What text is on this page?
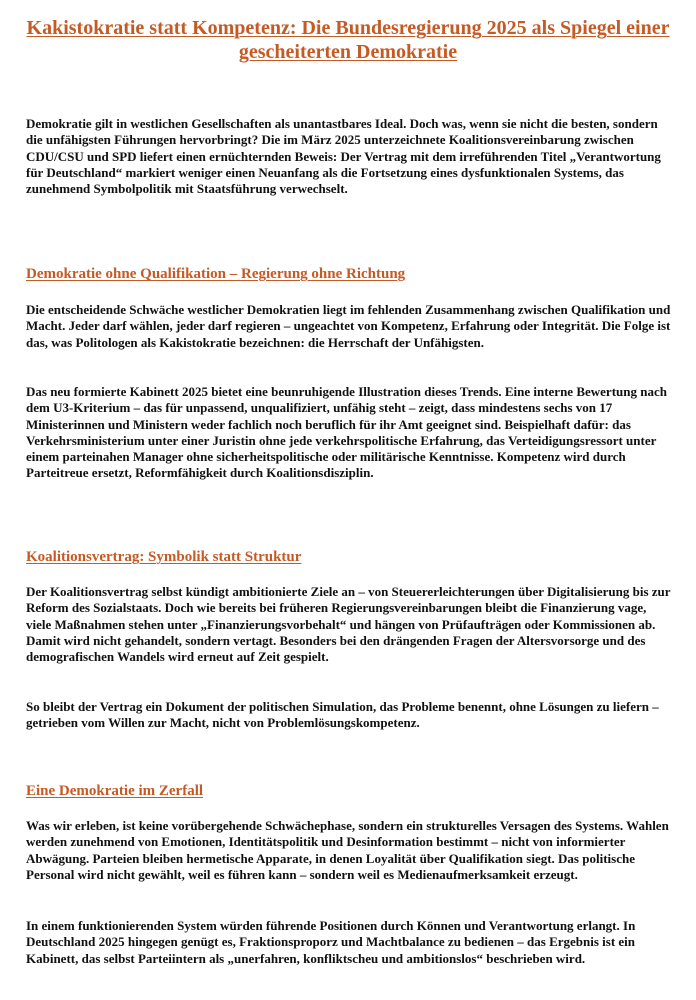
Kakistokratie statt Kompetenz: Die Bundesregierung 2025 als Spiegel einer gescheiterten Demokratie

Demokratie gilt in westlichen Gesellschaften als unantastbares Ideal. Doch was, wenn sie nicht die besten, sondern die unfähigsten Führungen hervorbringt? Die im März 2025 unterzeichnete Koalitionsvereinbarung zwischen CDU/CSU und SPD liefert einen ernüchternden Beweis: Der Vertrag mit dem irreführenden Titel „Verantwortung für Deutschland“ markiert weniger einen Neuanfang als die Fortsetzung eines dysfunktionalen Systems, das zunehmend Symbolpolitik mit Staatsführung verwechselt.

Demokratie ohne Qualifikation – Regierung ohne Richtung

Die entscheidende Schwäche westlicher Demokratien liegt im fehlenden Zusammenhang zwischen Qualifikation und Macht. Jeder darf wählen, jeder darf regieren – ungeachtet von Kompetenz, Erfahrung oder Integrität. Die Folge ist das, was Politologen als Kakistokratie bezeichnen: die Herrschaft der Unfähigsten.

Das neu formierte Kabinett 2025 bietet eine beunruhigende Illustration dieses Trends. Eine interne Bewertung nach dem U3-Kriterium – das für unpassend, unqualifiziert, unfähig steht – zeigt, dass mindestens sechs von 17 Ministerinnen und Ministern weder fachlich noch beruflich für ihr Amt geeignet sind. Beispielhaft dafür: das Verkehrsministerium unter einer Juristin ohne jede verkehrspolitische Erfahrung, das Verteidigungsressort unter einem parteinahen Manager ohne sicherheitspolitische oder militärische Kenntnisse. Kompetenz wird durch Parteitreue ersetzt, Reformfähigkeit durch Koalitionsdisziplin.

Koalitionsvertrag: Symbolik statt Struktur

Der Koalitionsvertrag selbst kündigt ambitionierte Ziele an – von Steuererleichterungen über Digitalisierung bis zur Reform des Sozialstaats. Doch wie bereits bei früheren Regierungsvereinbarungen bleibt die Finanzierung vage, viele Maßnahmen stehen unter „Finanzierungsvorbehalt“ und hängen von Prüfaufträgen oder Kommissionen ab. Damit wird nicht gehandelt, sondern vertagt. Besonders bei den drängenden Fragen der Altersvorsorge und des demografischen Wandels wird erneut auf Zeit gespielt.

So bleibt der Vertrag ein Dokument der politischen Simulation, das Probleme benennt, ohne Lösungen zu liefern – getrieben vom Willen zur Macht, nicht von Problemlösungskompetenz.

Eine Demokratie im Zerfall

Was wir erleben, ist keine vorübergehende Schwächephase, sondern ein strukturelles Versagen des Systems. Wahlen werden zunehmend von Emotionen, Identitätspolitik und Desinformation bestimmt – nicht von informierter Abwägung. Parteien bleiben hermetische Apparate, in denen Loyalität über Qualifikation siegt. Das politische Personal wird nicht gewählt, weil es führen kann – sondern weil es Medienaufmerksamkeit erzeugt.

In einem funktionierenden System würden führende Positionen durch Können und Verantwortung erlangt. In Deutschland 2025 hingegen genügt es, Fraktionsproporz und Machtbalance zu bedienen – das Ergebnis ist ein Kabinett, das selbst Parteiintern als „unerfahren, konfliktscheu und ambitionslos“ beschrieben wird.
